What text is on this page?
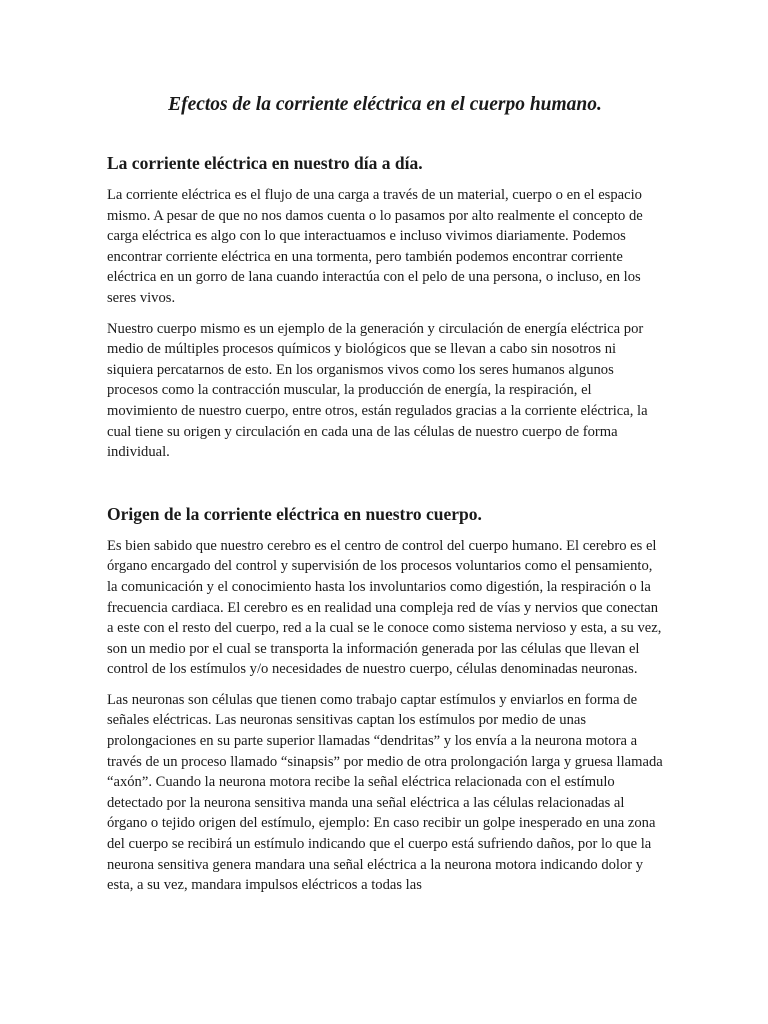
Efectos de la corriente eléctrica en el cuerpo humano.
La corriente eléctrica en nuestro día a día.

La corriente eléctrica es el flujo de una carga a través de un material, cuerpo o en el espacio mismo. A pesar de que no nos damos cuenta o lo pasamos por alto realmente el concepto de carga eléctrica es algo con lo que interactuamos e incluso vivimos diariamente. Podemos encontrar corriente eléctrica en una tormenta, pero también podemos encontrar corriente eléctrica en un gorro de lana cuando interactúa con el pelo de una persona, o incluso, en los seres vivos.

Nuestro cuerpo mismo es un ejemplo de la generación y circulación de energía eléctrica por medio de múltiples procesos químicos y biológicos que se llevan a cabo sin nosotros ni siquiera percatarnos de esto. En los organismos vivos como los seres humanos algunos procesos como la contracción muscular, la producción de energía, la respiración, el movimiento de nuestro cuerpo, entre otros, están regulados gracias a la corriente eléctrica, la cual tiene su origen y circulación en cada una de las células de nuestro cuerpo de forma individual.

Origen de la corriente eléctrica en nuestro cuerpo.

Es bien sabido que nuestro cerebro es el centro de control del cuerpo humano. El cerebro es el órgano encargado del control y supervisión de los procesos voluntarios como el pensamiento, la comunicación y el conocimiento hasta los involuntarios como digestión, la respiración o la frecuencia cardiaca. El cerebro es en realidad una compleja red de vías y nervios que conectan a este con el resto del cuerpo, red a la cual se le conoce como sistema nervioso y esta, a su vez, son un medio por el cual se transporta la información generada por las células que llevan el control de los estímulos y/o necesidades de nuestro cuerpo, células denominadas neuronas.

Las neuronas son células que tienen como trabajo captar estímulos y enviarlos en forma de señales eléctricas. Las neuronas sensitivas captan los estímulos por medio de unas prolongaciones en su parte superior llamadas “dendritas” y los envía a la neurona motora a través de un proceso llamado “sinapsis” por medio de otra prolongación larga y gruesa llamada “axón”. Cuando la neurona motora recibe la señal eléctrica relacionada con el estímulo detectado por la neurona sensitiva manda una señal eléctrica a las células relacionadas al órgano o tejido origen del estímulo, ejemplo: En caso recibir un golpe inesperado en una zona del cuerpo se recibirá un estímulo indicando que el cuerpo está sufriendo daños, por lo que la neurona sensitiva genera mandara una señal eléctrica a la neurona motora indicando dolor y esta, a su vez, mandara impulsos eléctricos a todas las
